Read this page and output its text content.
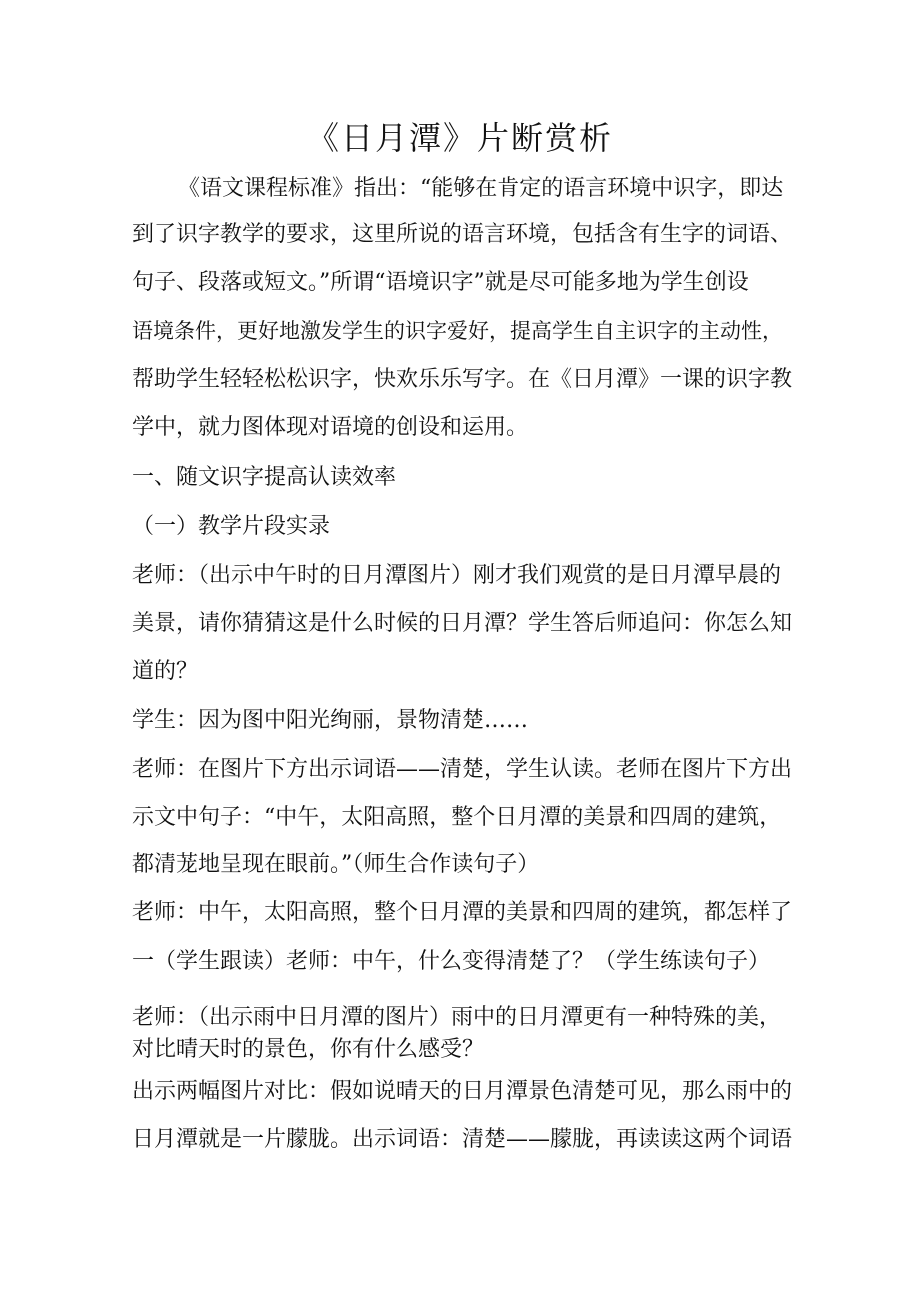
《日月潭》片断赏析

《语文课程标准》指出：“能够在肯定的语言环境中识字，即达

到了识字教学的要求，这里所说的语言环境，包括含有生字的词语、

句子、段落或短文。”所谓“语境识字”就是尽可能多地为学生创设

语境条件，更好地激发学生的识字爱好，提高学生自主识字的主动性，

帮助学生轻轻松松识字，快欢乐乐写字。在《日月潭》一课的识字教

学中，就力图体现对语境的创设和运用。

一、随文识字提高认读效率

（一）教学片段实录

老师：（出示中午时的日月潭图片）刚才我们观赏的是日月潭早晨的

美景，请你猜猜这是什么时候的日月潭？学生答后师追问：你怎么知

道的？

学生：因为图中阳光绚丽，景物清楚……

老师：在图片下方出示词语——清楚，学生认读。老师在图片下方出

示文中句子：“中午，太阳高照，整个日月潭的美景和四周的建筑，

都清茏地呈现在眼前。”（师生合作读句子）

老师：中午，太阳高照，整个日月潭的美景和四周的建筑，都怎样了

一（学生跟读）老师：中午，什么变得清楚了？（学生练读句子）

老师：（出示雨中日月潭的图片）雨中的日月潭更有一种特殊的美，

对比晴天时的景色，你有什么感受？

出示两幅图片对比：假如说晴天的日月潭景色清楚可见，那么雨中的

日月潭就是一片朦胧。出示词语：清楚——朦胧，再读读这两个词语
